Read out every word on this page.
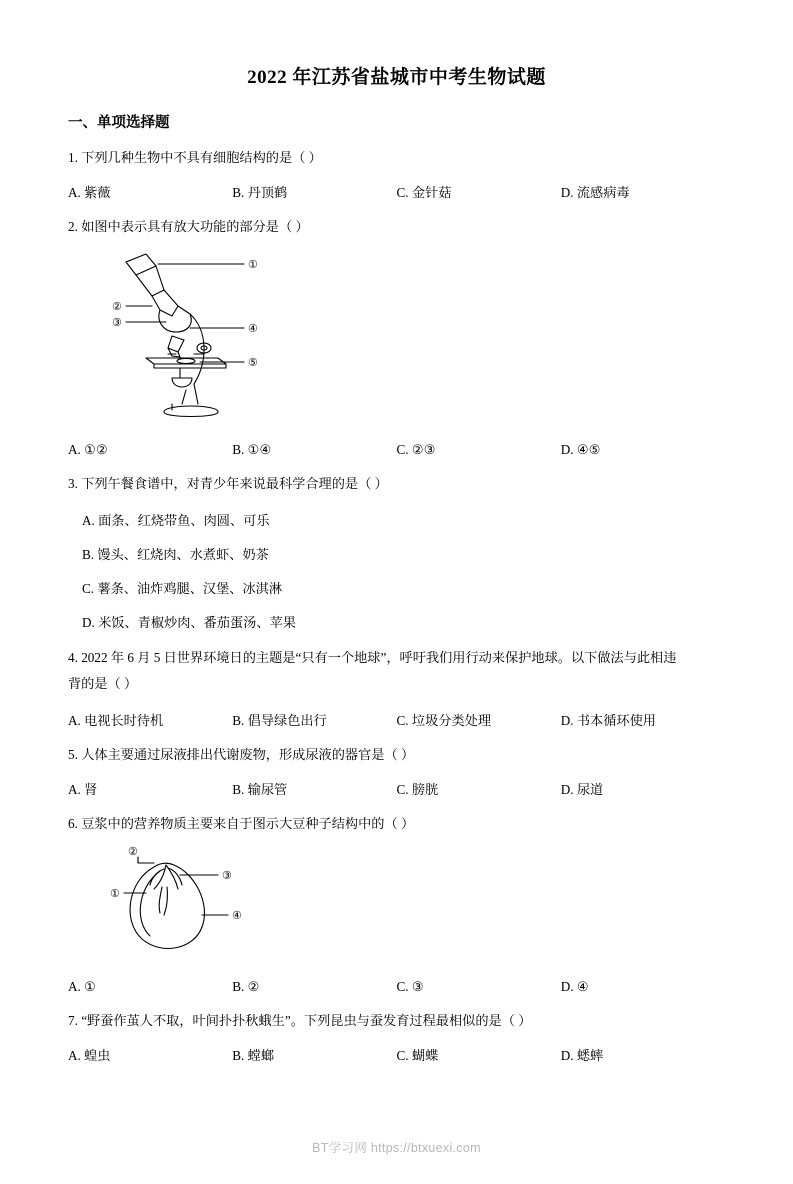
2022 年江苏省盐城市中考生物试题
一、单项选择题
1. 下列几种生物中不具有细胞结构的是（ ）
A. 紫薇	B. 丹顶鹤	C. 金针菇	D. 流感病毒
2. 如图中表示具有放大功能的部分是（ ）
①
②
③	④
⑤
A. ①②	B. ①④	C. ②③	D. ④⑤
3. 下列午餐食谱中，对青少年来说最科学合理的是（ ）
A. 面条、红烧带鱼、肉圆、可乐
B. 馒头、红烧肉、水煮虾、奶茶
C. 薯条、油炸鸡腿、汉堡、冰淇淋
D. 米饭、青椒炒肉、番茄蛋汤、苹果
4. 2022 年 6 月 5 日世界环境日的主题是“只有一个地球”，呼吁我们用行动来保护地球。以下做法与此相违
背的是（ ）
A. 电视长时待机	B. 倡导绿色出行	C. 垃圾分类处理	D. 书本循环使用
5. 人体主要通过尿液排出代谢废物，形成尿液的器官是（ ）
A. 肾	B. 输尿管	C. 膀胱	D. 尿道
6. 豆浆中的营养物质主要来自于图示大豆种子结构中的（ ）
②
①
③
④
A. ①	B. ②	C. ③	D. ④
7. “野蚕作茧人不取，叶间扑扑秋蛾生”。下列昆虫与蚕发育过程最相似的是（ ）
A. 蝗虫	B. 螳螂	C. 蝴蝶	D. 蟋蟀
BT学习网 https://btxuexi.com
